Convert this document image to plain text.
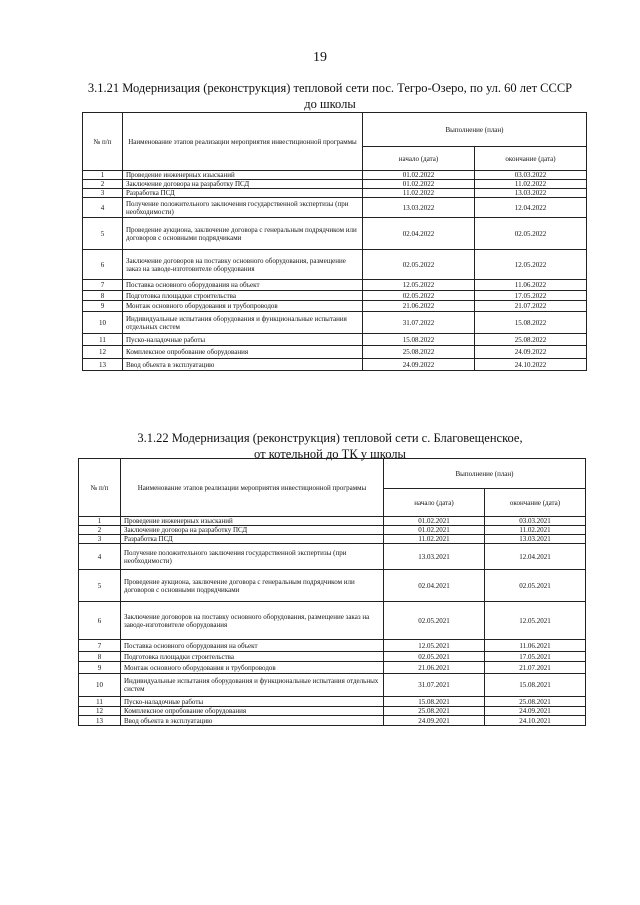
19
3.1.21 Модернизация (реконструкция) тепловой сети пос. Тегро-Озеро, по ул. 60 лет СССР
до школы
№ п/п	Наименование этапов реализации мероприятия инвестиционной программы	Выполнение (план)	
		начало (дата)	окончание (дата)
1	Проведение инженерных изысканий	01.02.2022	03.03.2022
2	Заключение договора на разработку ПСД	01.02.2022	11.02.2022
3	Разработка ПСД	11.02.2022	13.03.2022
4	Получение положительного заключения государственной экспертизы (при необходимости)	13.03.2022	12.04.2022
5	Проведение аукциона, заключение договора с генеральным подрядчиком или договоров с основными подрядчиками	02.04.2022	02.05.2022
6	Заключение договоров на поставку основного оборудования, размещение заказ на заводе-изготовителе оборудования	02.05.2022	12.05.2022
7	Поставка основного оборудования на объект	12.05.2022	11.06.2022
8	Подготовка площадки строительства	02.05.2022	17.05.2022
9	Монтаж основного оборудования и трубопроводов	21.06.2022	21.07.2022
10	Индивидуальные испытания оборудования и функциональные испытания отдельных систем	31.07.2022	15.08.2022
11	Пуско-наладочные работы	15.08.2022	25.08.2022
12	Комплексное опробование оборудования	25.08.2022	24.09.2022
13	Ввод объекта в эксплуатацию	24.09.2022	24.10.2022
3.1.22 Модернизация (реконструкция) тепловой сети с. Благовещенское,
от котельной до ТК у школы
№ п/п	Наименование этапов реализации мероприятия инвестиционной программы	Выполнение (план)	
		начало (дата)	окончание (дата)
1	Проведение инженерных изысканий	01.02.2021	03.03.2021
2	Заключение договора на разработку ПСД	01.02.2021	11.02.2021
3	Разработка ПСД	11.02.2021	13.03.2021
4	Получение положительного заключения государственной экспертизы (при необходимости)	13.03.2021	12.04.2021
5	Проведение аукциона, заключение договора с генеральным подрядчиком или договоров с основными подрядчиками	02.04.2021	02.05.2021
6	Заключение договоров на поставку основного оборудования, размещение заказ на заводе-изготовителе оборудования	02.05.2021	12.05.2021
7	Поставка основного оборудования на объект	12.05.2021	11.06.2021
8	Подготовка площадки строительства	02.05.2021	17.05.2021
9	Монтаж основного оборудования и трубопроводов	21.06.2021	21.07.2021
10	Индивидуальные испытания оборудования и функциональные испытания отдельных систем	31.07.2021	15.08.2021
11	Пуско-наладочные работы	15.08.2021	25.08.2021
12	Комплексное опробование оборудования	25.08.2021	24.09.2021
13	Ввод объекта в эксплуатацию	24.09.2021	24.10.2021
